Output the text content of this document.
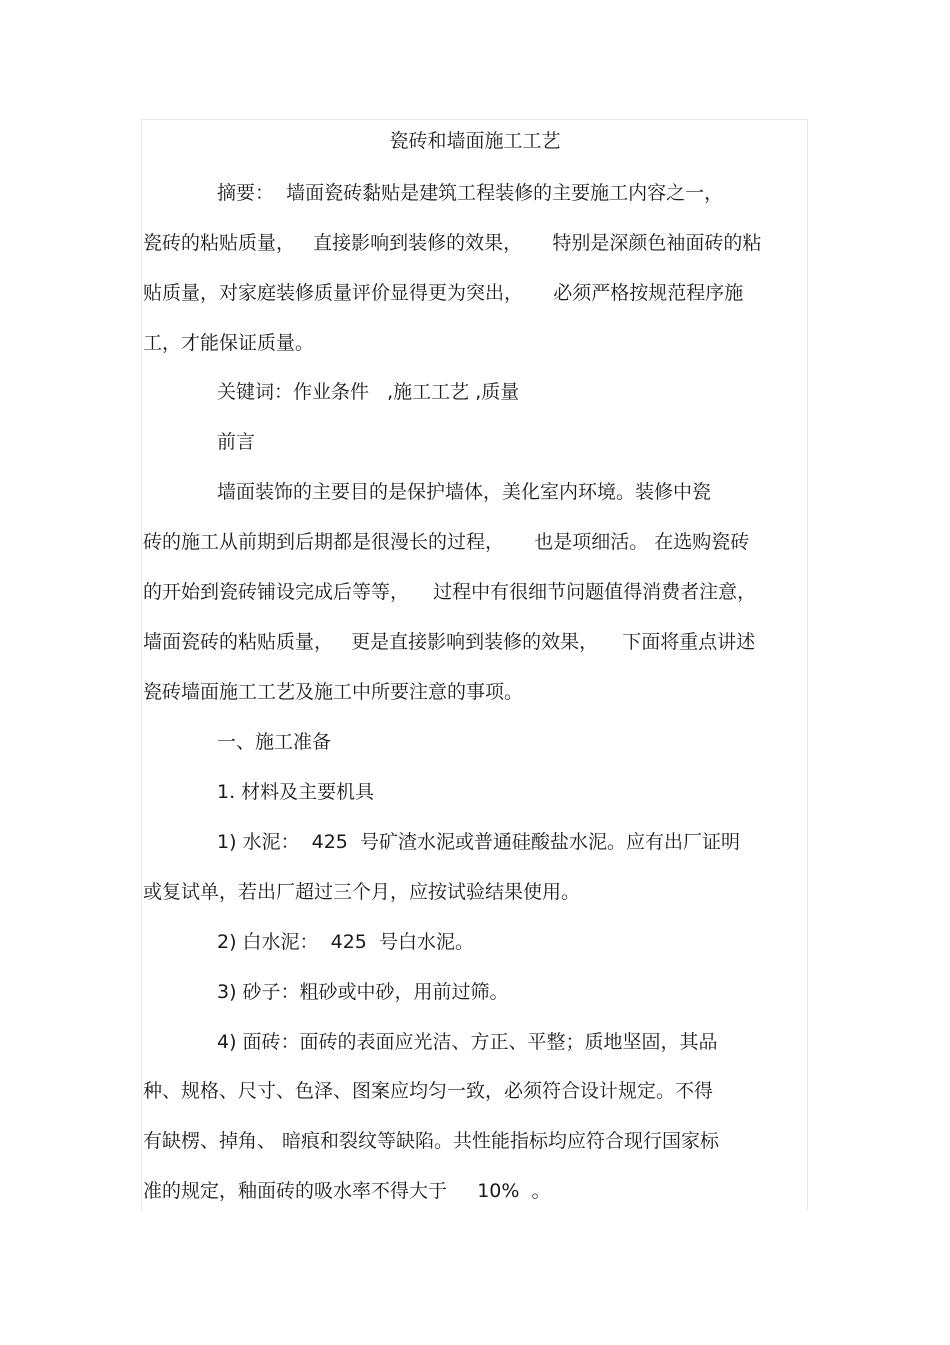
瓷砖和墙面施工工艺

摘要：  墙面瓷砖黏贴是建筑工程装修的主要施工内容之一，

瓷砖的粘贴质量，   直接影响到装修的效果，     特别是深颜色袖面砖的粘

贴质量，对家庭装修质量评价显得更为突出，     必须严格按规范程序施

工，才能保证质量。

关键词：作业条件   ,施工工艺 ,质量

前言

墙面装饰的主要目的是保护墙体，美化室内环境。装修中瓷

砖的施工从前期到后期都是很漫长的过程，     也是项细活。 在选购瓷砖

的开始到瓷砖铺设完成后等等，    过程中有很细节问题值得消费者注意，

墙面瓷砖的粘贴质量，   更是直接影响到装修的效果，    下面将重点讲述

瓷砖墙面施工工艺及施工中所要注意的事项。

一、施工准备

1. 材料及主要机具

1) 水泥：  425  号矿渣水泥或普通硅酸盐水泥。应有出厂证明

或复试单，若出厂超过三个月，应按试验结果使用。

2) 白水泥：  425  号白水泥。

3) 砂子：粗砂或中砂，用前过筛。

4) 面砖：面砖的表面应光洁、方正、平整；质地坚固，其品

种、规格、尺寸、色泽、图案应均匀一致，必须符合设计规定。不得

有缺楞、掉角、 暗痕和裂纹等缺陷。共性能指标均应符合现行国家标

准的规定，釉面砖的吸水率不得大于     10%  。
